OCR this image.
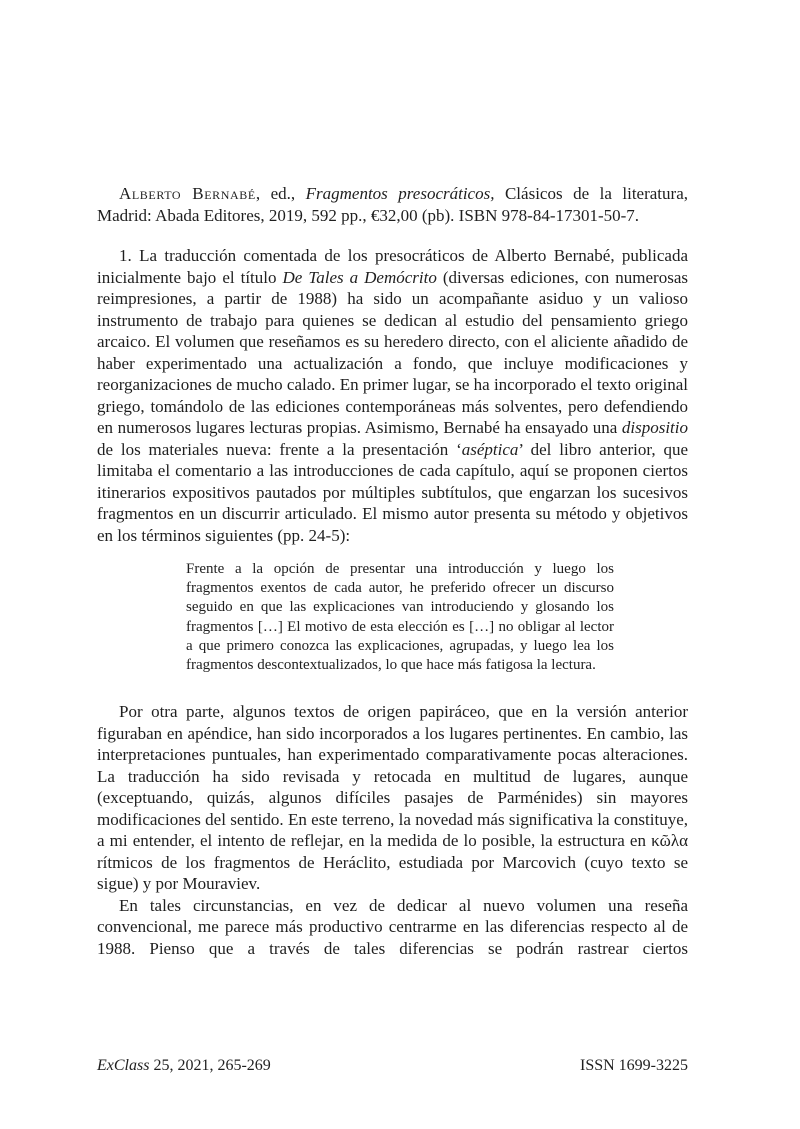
Alberto Bernabé, ed., Fragmentos presocráticos, Clásicos de la literatura, Madrid: Abada Editores, 2019, 592 pp., €32,00 (pb). ISBN 978-84-17301-50-7.

1. La traducción comentada de los presocráticos de Alberto Bernabé, publicada inicialmente bajo el título De Tales a Demócrito (diversas ediciones, con numerosas reimpresiones, a partir de 1988) ha sido un acompañante asiduo y un valioso instrumento de trabajo para quienes se dedican al estudio del pensamiento griego arcaico. El volumen que reseñamos es su heredero directo, con el aliciente añadido de haber experimentado una actualización a fondo, que incluye modificaciones y reorganizaciones de mucho calado. En primer lugar, se ha incorporado el texto original griego, tomándolo de las ediciones contemporáneas más solventes, pero defendiendo en numerosos lugares lecturas propias. Asimismo, Bernabé ha ensayado una dispositio de los materiales nueva: frente a la presentación ‘aséptica’ del libro anterior, que limitaba el comentario a las introducciones de cada capítulo, aquí se proponen ciertos itinerarios expositivos pautados por múltiples subtítulos, que engarzan los sucesivos fragmentos en un discurrir articulado. El mismo autor presenta su método y objetivos en los términos siguientes (pp. 24-5):

Frente a la opción de presentar una introducción y luego los fragmentos exentos de cada autor, he preferido ofrecer un discurso seguido en que las explicaciones van introduciendo y glosando los fragmentos […] El motivo de esta elección es […] no obligar al lector a que primero conozca las explicaciones, agrupadas, y luego lea los fragmentos descontextualizados, lo que hace más fatigosa la lectura.

Por otra parte, algunos textos de origen papiráceo, que en la versión anterior figuraban en apéndice, han sido incorporados a los lugares pertinentes. En cambio, las interpretaciones puntuales, han experimentado comparativamente pocas alteraciones. La traducción ha sido revisada y retocada en multitud de lugares, aunque (exceptuando, quizás, algunos difíciles pasajes de Parménides) sin mayores modificaciones del sentido. En este terreno, la novedad más significativa la constituye, a mi entender, el intento de reflejar, en la medida de lo posible, la estructura en κῶλα rítmicos de los fragmentos de Heráclito, estudiada por Marcovich (cuyo texto se sigue) y por Mouraviev.

En tales circunstancias, en vez de dedicar al nuevo volumen una reseña convencional, me parece más productivo centrarme en las diferencias respecto al de 1988. Pienso que a través de tales diferencias se podrán rastrear ciertos

ExClass 25, 2021, 265-269	ISSN 1699-3225
